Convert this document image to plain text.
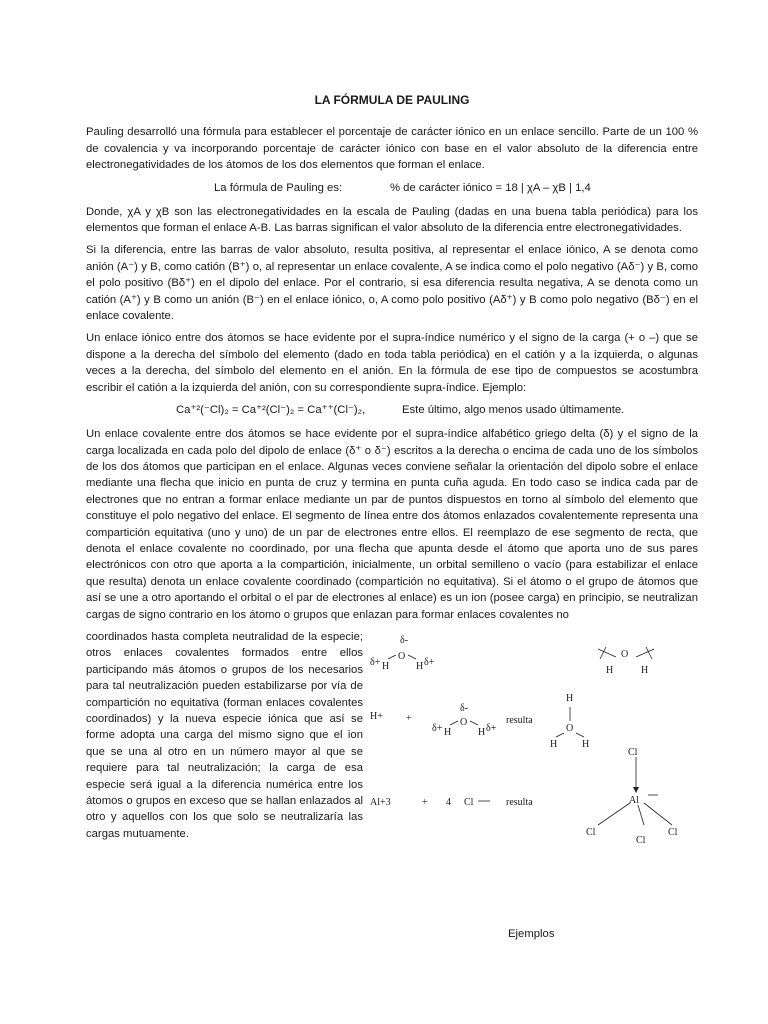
LA FÓRMULA DE PAULING

Pauling desarrolló una fórmula para establecer el porcentaje de carácter iónico en un enlace sencillo. Parte de un 100 % de covalencia y va incorporando porcentaje de carácter iónico con base en el valor absoluto de la diferencia entre electronegatividades de los átomos de los dos elementos que forman el enlace.

La fórmula de Pauling es:	% de carácter iónico = 18 | χA – χB | 1,4

Donde, χA y χB son las electronegatividades en la escala de Pauling (dadas en una buena tabla periódica) para los elementos que forman el enlace A-B. Las barras significan el valor absoluto de la diferencia entre electronegatividades.

Si la diferencia, entre las barras de valor absoluto, resulta positiva, al representar el enlace iónico, A se denota como anión (A⁻) y B, como catión (B⁺) o, al representar un enlace covalente, A se indica como el polo negativo (Aδ⁻) y B, como el polo positivo (Bδ⁺) en el dipolo del enlace. Por el contrario, si esa diferencia resulta negativa, A se denota como un catión (A⁺) y B como un anión (B⁻) en el enlace iónico, o, A como polo positivo (Aδ⁺) y B como polo negativo (Bδ⁻) en el enlace covalente.

Un enlace iónico entre dos átomos se hace evidente por el supra-índice numérico y el signo de la carga (+ o –) que se dispone a la derecha del símbolo del elemento (dado en toda tabla periódica) en el catión y a la izquierda, o algunas veces a la derecha, del símbolo del elemento en el anión. En la fórmula de ese tipo de compuestos se acostumbra escribir el catión a la izquierda del anión, con su correspondiente supra-índice. Ejemplo:

Ca⁺²(⁻Cl)₂ = Ca⁺²(Cl⁻)₂ = Ca⁺⁺(Cl⁻)₂,	Este último, algo menos usado últimamente.

Un enlace covalente entre dos átomos se hace evidente por el supra-índice alfabético griego delta (δ) y el signo de la carga localizada en cada polo del dipolo de enlace (δ⁺ o δ⁻) escritos a la derecha o encima de cada uno de los símbolos de los dos átomos que participan en el enlace. Algunas veces conviene señalar la orientación del dipolo sobre el enlace mediante una flecha que inicio en punta de cruz y termina en punta cuña aguda. En todo caso se indica cada par de electrones que no entran a formar enlace mediante un par de puntos dispuestos en torno al símbolo del elemento que constituye el polo negativo del enlace. El segmento de línea entre dos átomos enlazados covalentemente representa una compartición equitativa (uno y uno) de un par de electrones entre ellos. El reemplazo de ese segmento de recta, que denota el enlace covalente no coordinado, por una flecha que apunta desde el átomo que aporta uno de sus pares electrónicos con otro que aporta a la compartición, inicialmente, un orbital semilleno o vacío (para estabilizar el enlace que resulta) denota un enlace covalente coordinado (compartición no equitativa). Si el átomo o el grupo de átomos que así se une a otro aportando el orbital o el par de electrones al enlace) es un ion (posee carga) en principio, se neutralizan cargas de signo contrario en los átomo o grupos que enlazan para formar enlaces covalentes no

coordinados hasta completa neutralidad de la especie; otros enlaces covalentes formados entre ellos participando más átomos o grupos de los necesarios para tal neutralización pueden estabilizarse por vía de compartición no equitativa (forman enlaces covalentes coordinados) y la nueva especie iónica que así se forme adopta una carga del mismo signo que el ion que se una al otro en un número mayor al que se requiere para tal neutralización; la carga de esa especie será igual a la diferencia numérica entre los átomos o grupos en exceso que se hallan enlazados al otro y aquellos con los que solo se neutralizaría las cargas mutuamente.

δ-
δ+ H
O
H δ+
O
H	H
H+ +
δ-
δ+ H
O
H δ+
resulta
H
O
H H
Al+3	+ 4 Cl	resulta
Cl
Al
Cl
Cl
Cl
Ejemplos
